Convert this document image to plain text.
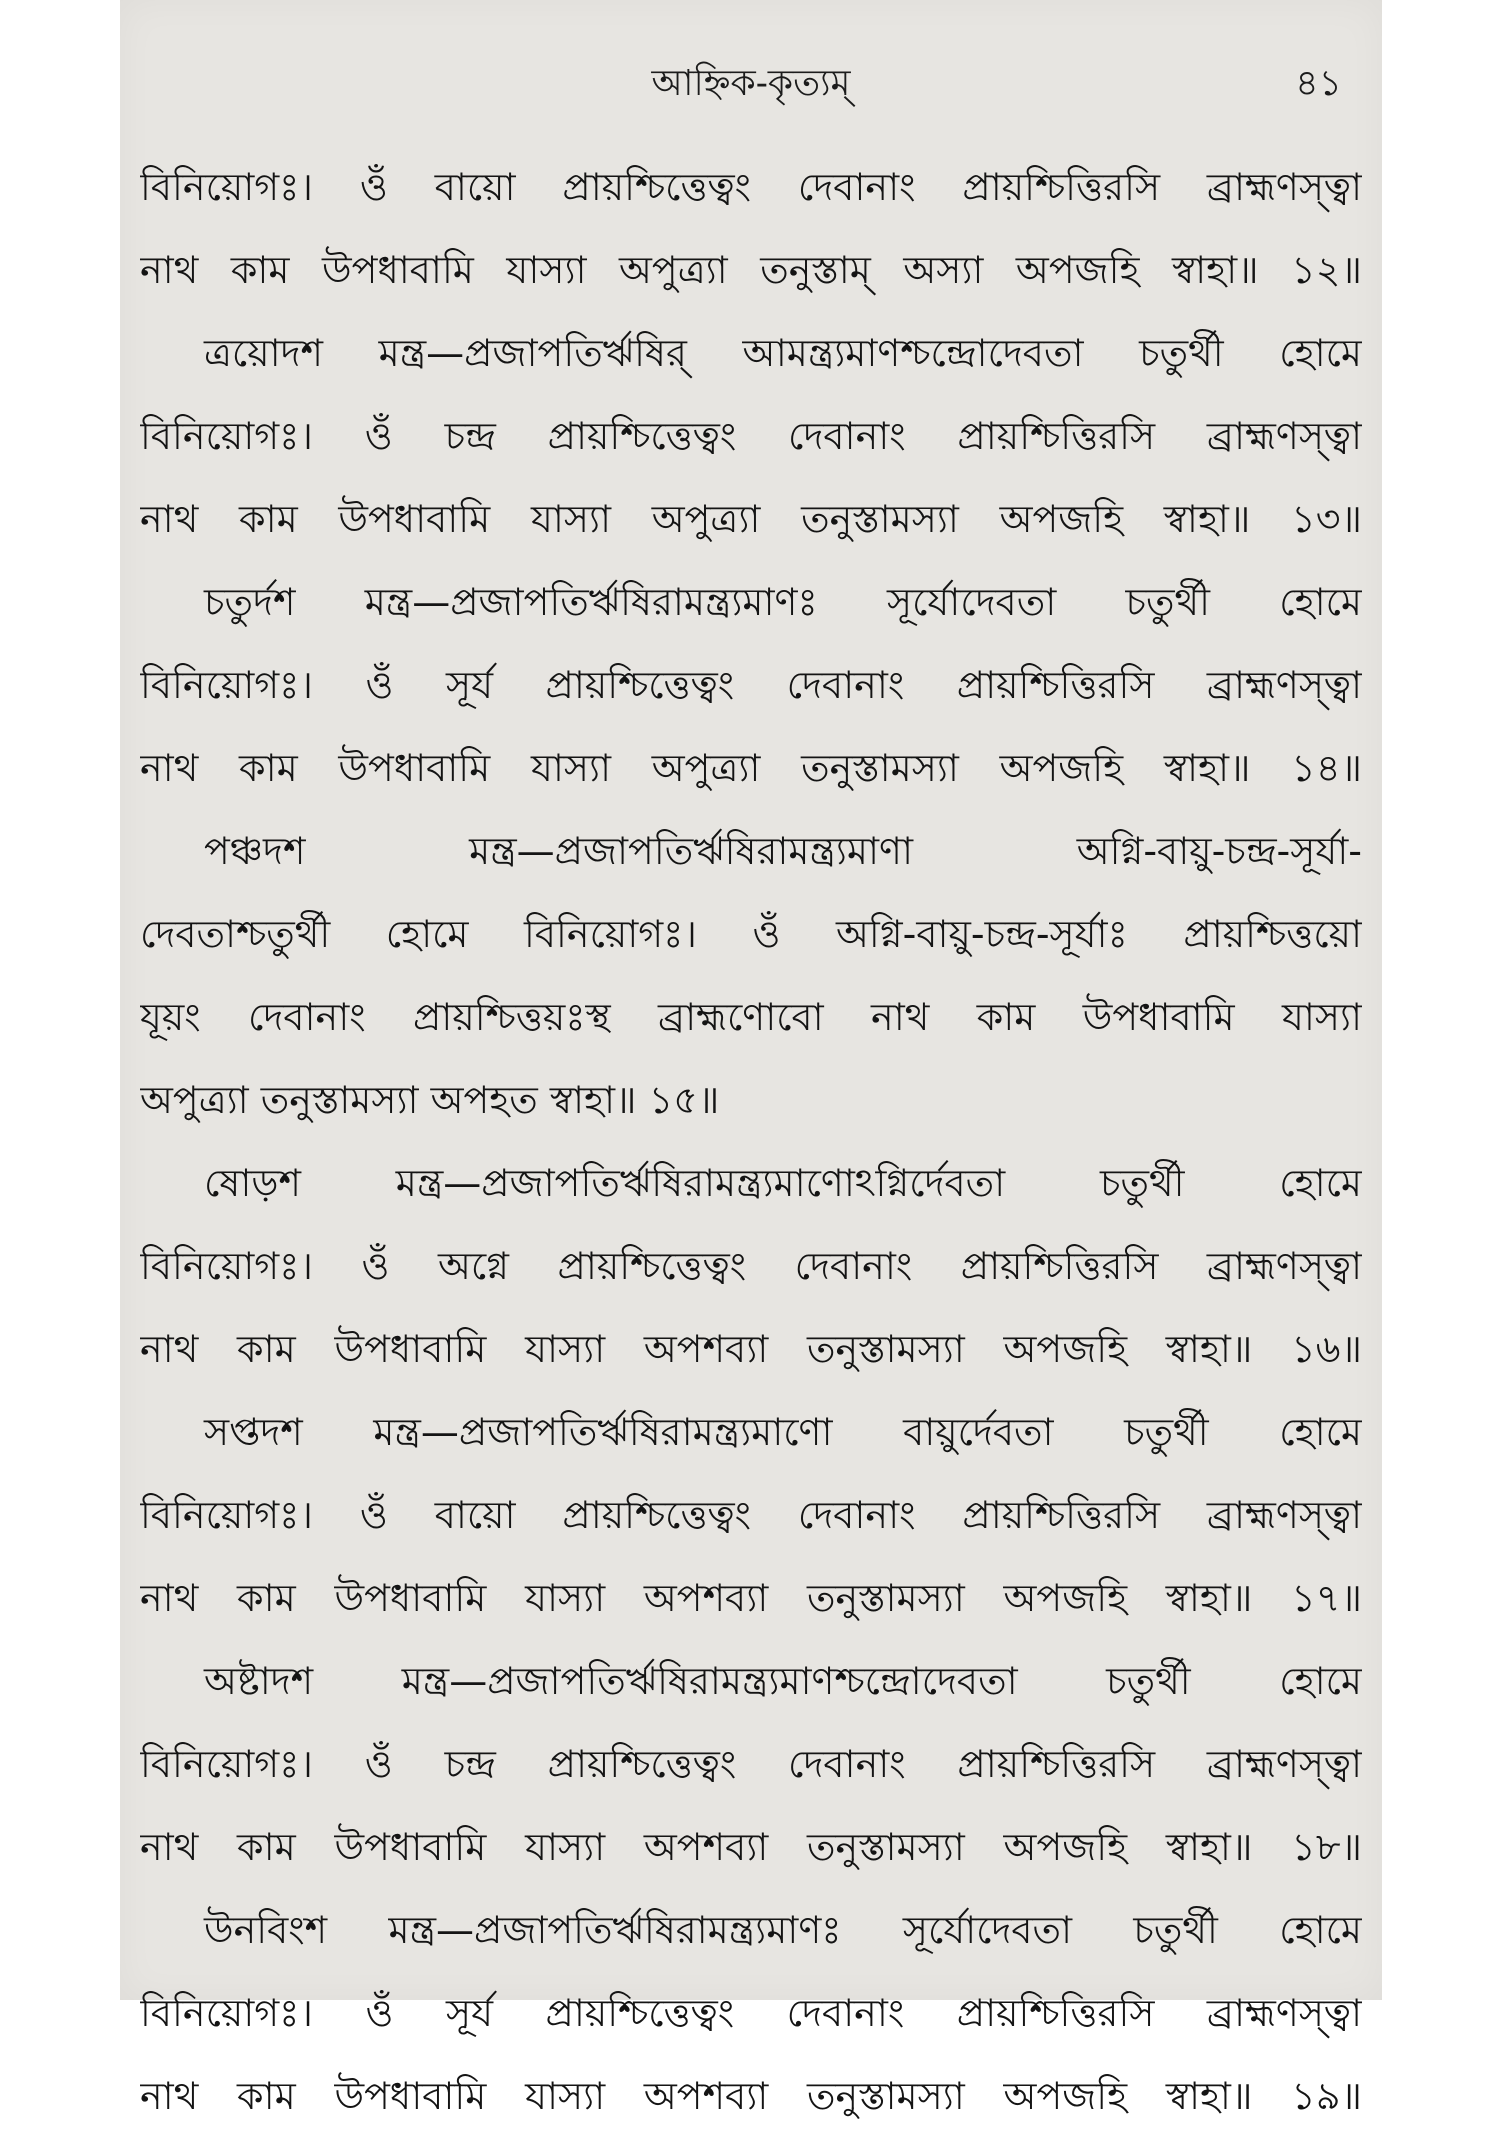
আহ্নিক-কৃত্যম্	৪১
বিনিয়োগঃ। ওঁ বায়ো প্রায়শ্চিত্তেত্বং দেবানাং প্রায়শ্চিত্তিরসি ব্রাহ্মণস্ত্বা
নাথ কাম উপধাবামি যাস্যা অপুত্র্যা তনুস্তাম্ অস্যা অপজহি স্বাহা॥ ১২॥
ত্রয়োদশ মন্ত্র—প্রজাপতির্ঋষির্ আমন্ত্র্যমাণশ্চন্দ্রোদেবতা চতুর্থী হোমে
বিনিয়োগঃ। ওঁ চন্দ্র প্রায়শ্চিত্তেত্বং দেবানাং প্রায়শ্চিত্তিরসি ব্রাহ্মণস্ত্বা
নাথ কাম উপধাবামি যাস্যা অপুত্র্যা তনুস্তামস্যা অপজহি স্বাহা॥ ১৩॥
চতুর্দশ মন্ত্র—প্রজাপতির্ঋষিরামন্ত্র্যমাণঃ সূর্যোদেবতা চতুর্থী হোমে
বিনিয়োগঃ। ওঁ সূর্য প্রায়শ্চিত্তেত্বং দেবানাং প্রায়শ্চিত্তিরসি ব্রাহ্মণস্ত্বা
নাথ কাম উপধাবামি যাস্যা অপুত্র্যা তনুস্তামস্যা অপজহি স্বাহা॥ ১৪॥
পঞ্চদশ মন্ত্র—প্রজাপতির্ঋষিরামন্ত্র্যমাণা অগ্নি-বায়ু-চন্দ্র-সূর্যা-
দেবতাশ্চতুর্থী হোমে বিনিয়োগঃ। ওঁ অগ্নি-বায়ু-চন্দ্র-সূর্যাঃ প্রায়শ্চিত্তয়ো
যূয়ং দেবানাং প্রায়শ্চিত্তয়ঃস্থ ব্রাহ্মণোবো নাথ কাম উপধাবামি যাস্যা
অপুত্র্যা তনুস্তামস্যা অপহত স্বাহা॥ ১৫॥
ষোড়শ মন্ত্র—প্রজাপতির্ঋষিরামন্ত্র্যমাণোঽগ্নির্দেবতা চতুর্থী হোমে
বিনিয়োগঃ। ওঁ অগ্নে প্রায়শ্চিত্তেত্বং দেবানাং প্রায়শ্চিত্তিরসি ব্রাহ্মণস্ত্বা
নাথ কাম উপধাবামি যাস্যা অপশব্যা তনুস্তামস্যা অপজহি স্বাহা॥ ১৬॥
সপ্তদশ মন্ত্র—প্রজাপতির্ঋষিরামন্ত্র্যমাণো বায়ুর্দেবতা চতুর্থী হোমে
বিনিয়োগঃ। ওঁ বায়ো প্রায়শ্চিত্তেত্বং দেবানাং প্রায়শ্চিত্তিরসি ব্রাহ্মণস্ত্বা
নাথ কাম উপধাবামি যাস্যা অপশব্যা তনুস্তামস্যা অপজহি স্বাহা॥ ১৭॥
অষ্টাদশ মন্ত্র—প্রজাপতির্ঋষিরামন্ত্র্যমাণশ্চন্দ্রোদেবতা চতুর্থী হোমে
বিনিয়োগঃ। ওঁ চন্দ্র প্রায়শ্চিত্তেত্বং দেবানাং প্রায়শ্চিত্তিরসি ব্রাহ্মণস্ত্বা
নাথ কাম উপধাবামি যাস্যা অপশব্যা তনুস্তামস্যা অপজহি স্বাহা॥ ১৮॥
উনবিংশ মন্ত্র—প্রজাপতির্ঋষিরামন্ত্র্যমাণঃ সূর্যোদেবতা চতুর্থী হোমে
বিনিয়োগঃ। ওঁ সূর্য প্রায়শ্চিত্তেত্বং দেবানাং প্রায়শ্চিত্তিরসি ব্রাহ্মণস্ত্বা
নাথ কাম উপধাবামি যাস্যা অপশব্যা তনুস্তামস্যা অপজহি স্বাহা॥ ১৯॥
